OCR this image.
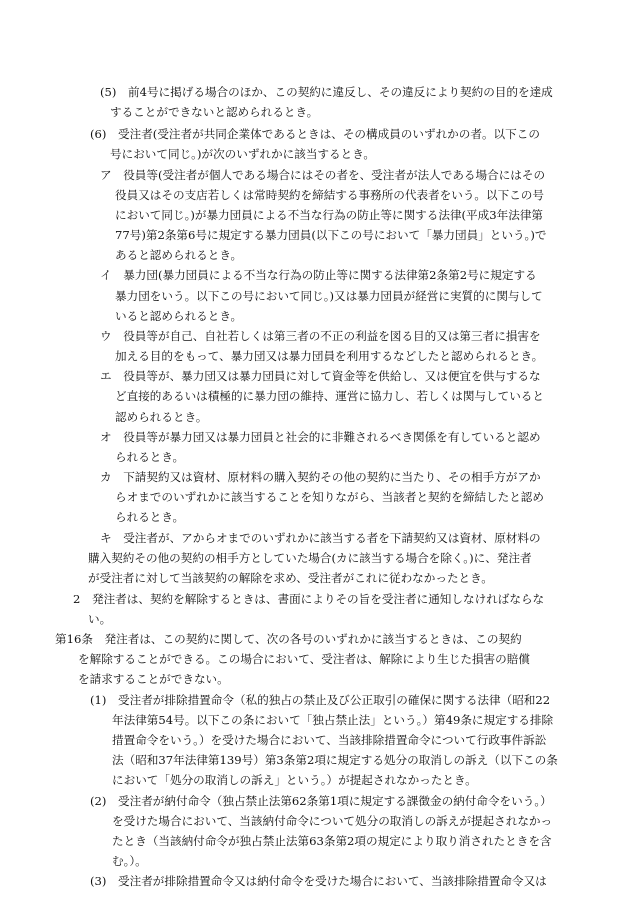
(5)　前4号に掲げる場合のほか、この契約に違反し、その違反により契約の目的を達成
することができないと認められるとき。
(6)　受注者(受注者が共同企業体であるときは、その構成員のいずれかの者。以下この
号において同じ。)が次のいずれかに該当するとき。
ア　役員等(受注者が個人である場合にはその者を、受注者が法人である場合にはその
役員又はその支店若しくは常時契約を締結する事務所の代表者をいう。以下この号
において同じ。)が暴力団員による不当な行為の防止等に関する法律(平成3年法律第
77号)第2条第6号に規定する暴力団員(以下この号において「暴力団員」という。)で
あると認められるとき。
イ　暴力団(暴力団員による不当な行為の防止等に関する法律第2条第2号に規定する
暴力団をいう。以下この号において同じ。)又は暴力団員が経営に実質的に関与して
いると認められるとき。
ウ　役員等が自己、自社若しくは第三者の不正の利益を図る目的又は第三者に損害を
加える目的をもって、暴力団又は暴力団員を利用するなどしたと認められるとき。
エ　役員等が、暴力団又は暴力団員に対して資金等を供給し、又は便宜を供与するな
ど直接的あるいは積極的に暴力団の維持、運営に協力し、若しくは関与していると
認められるとき。
オ　役員等が暴力団又は暴力団員と社会的に非難されるべき関係を有していると認め
られるとき。
カ　下請契約又は資材、原材料の購入契約その他の契約に当たり、その相手方がアか
らオまでのいずれかに該当することを知りながら、当該者と契約を締結したと認め
られるとき。
キ　受注者が、アからオまでのいずれかに該当する者を下請契約又は資材、原材料の
購入契約その他の契約の相手方としていた場合(カに該当する場合を除く。)に、発注者
が受注者に対して当該契約の解除を求め、受注者がこれに従わなかったとき。
2　発注者は、契約を解除するときは、書面によりその旨を受注者に通知しなければならな
い。
第16条　発注者は、この契約に関して、次の各号のいずれかに該当するときは、この契約
を解除することができる。この場合において、受注者は、解除により生じた損害の賠償
を請求することができない。
(1)　受注者が排除措置命令（私的独占の禁止及び公正取引の確保に関する法律（昭和22
年法律第54号。以下この条において「独占禁止法」という。）第49条に規定する排除
措置命令をいう。）を受けた場合において、当該排除措置命令について行政事件訴訟
法（昭和37年法律第139号）第3条第2項に規定する処分の取消しの訴え（以下この条
において「処分の取消しの訴え」という。）が提起されなかったとき。
(2)　受注者が納付命令（独占禁止法第62条第1項に規定する課徴金の納付命令をいう。）
を受けた場合において、当該納付命令について処分の取消しの訴えが提起されなかっ
たとき（当該納付命令が独占禁止法第63条第2項の規定により取り消されたときを含
む。）。
(3)　受注者が排除措置命令又は納付命令を受けた場合において、当該排除措置命令又は
